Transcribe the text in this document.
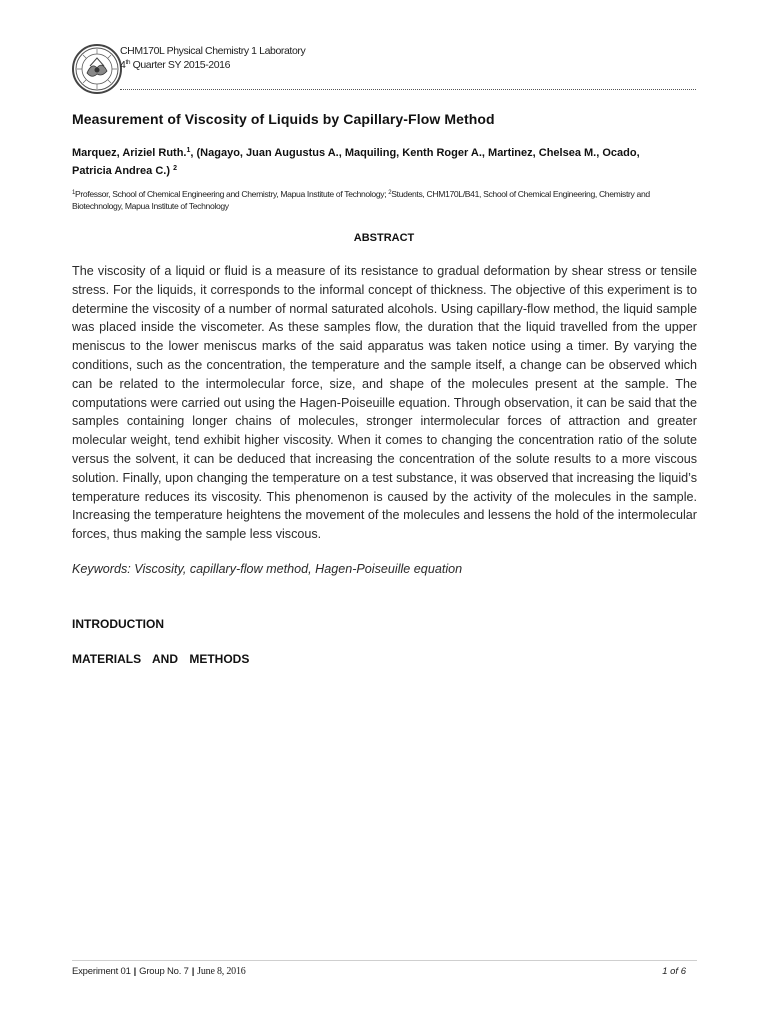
CHM170L Physical Chemistry 1 Laboratory
4th Quarter SY 2015-2016
Measurement of Viscosity of Liquids by Capillary-Flow Method
Marquez, Ariziel Ruth.$^1$, (Nagayo, Juan Augustus A., Maquiling, Kenth Roger A., Martinez, Chelsea M., Ocado,
Patricia Andrea C.) $^2$
$^1$Professor, School of Chemical Engineering and Chemistry, Mapua Institute of Technology; $^2$Students, CHM170L/B41, School of Chemical Engineering, Chemistry and Biotechnology, Mapua Institute of Technology
ABSTRACT
The viscosity of a liquid or fluid is a measure of its resistance to gradual deformation by shear stress or tensile stress. For the liquids, it corresponds to the informal concept of thickness. The objective of this experiment is to determine the viscosity of a number of normal saturated alcohols. Using capillary-flow method, the liquid sample was placed inside the viscometer. As these samples flow, the duration that the liquid travelled from the upper meniscus to the lower meniscus marks of the said apparatus was taken notice using a timer. By varying the conditions, such as the concentration, the temperature and the sample itself, a change can be observed which can be related to the intermolecular force, size, and shape of the molecules present at the sample. The computations were carried out using the Hagen-Poiseuille equation. Through observation, it can be said that the samples containing longer chains of molecules, stronger intermolecular forces of attraction and greater molecular weight, tend exhibit higher viscosity. When it comes to changing the concentration ratio of the solute versus the solvent, it can be deduced that increasing the concentration of the solute results to a more viscous solution. Finally, upon changing the temperature on a test substance, it was observed that increasing the liquid’s temperature reduces its viscosity. This phenomenon is caused by the activity of the molecules in the sample. Increasing the temperature heightens the movement of the molecules and lessens the hold of the intermolecular forces, thus making the sample less viscous.
Keywords: Viscosity, capillary-flow method, Hagen-Poiseuille equation
INTRODUCTION
MATERIALS AND METHODS
Experiment 01 | Group No. 7 | June 8, 2016	1 of 6
